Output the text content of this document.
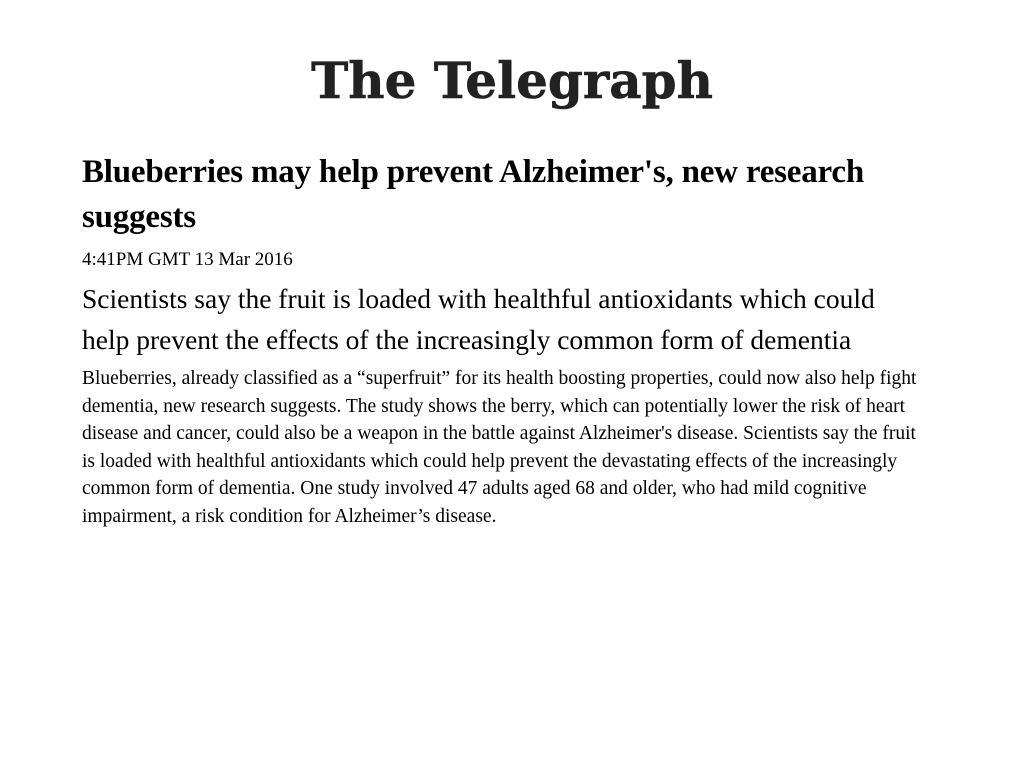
The Telegraph
Blueberries may help prevent Alzheimer's, new research suggests

4:41PM GMT 13 Mar 2016

Scientists say the fruit is loaded with healthful antioxidants which could help prevent the effects of the increasingly common form of dementia

Blueberries, already classified as a “superfruit” for its health boosting properties, could now also help fight dementia, new research suggests. The study shows the berry, which can potentially lower the risk of heart disease and cancer, could also be a weapon in the battle against Alzheimer's disease. Scientists say the fruit is loaded with healthful antioxidants which could help prevent the devastating effects of the increasingly common form of dementia. One study involved 47 adults aged 68 and older, who had mild cognitive impairment, a risk condition for Alzheimer’s disease.
